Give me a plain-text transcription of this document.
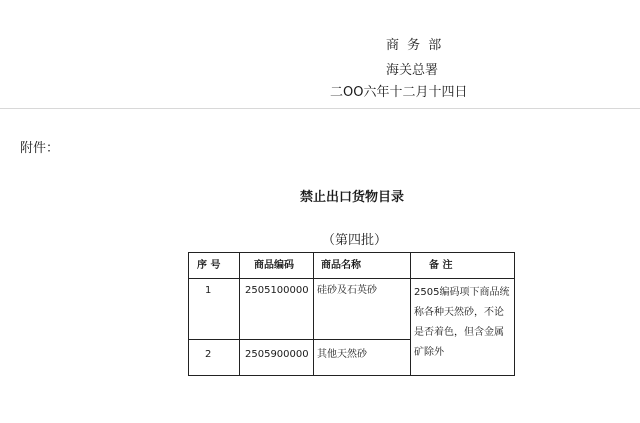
商 务 部
海关总署
二OO六年十二月十四日
附件：
禁止出口货物目录
（第四批）
序 号	商品编码	商品名称	备 注
1	2505100000 硅砂及石英砂
2	2505900000 其他天然砂
2505编码项下商品统称各种天然砂，不论是否着色，但含金属矿除外
